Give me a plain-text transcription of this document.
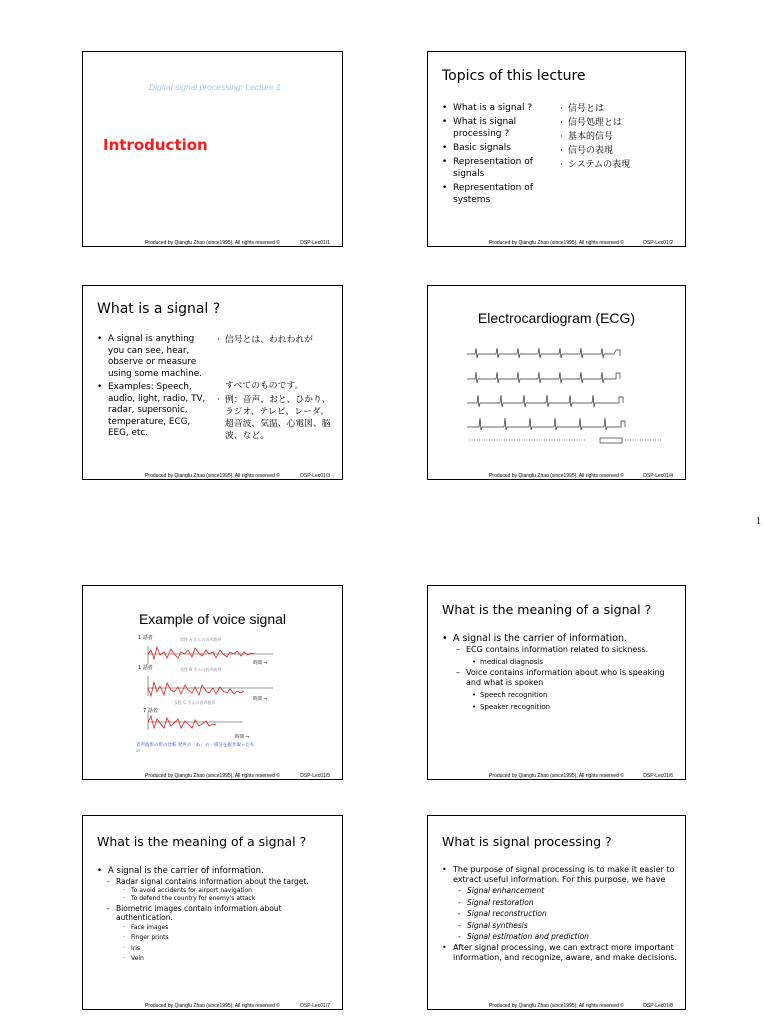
Digital signal processing: Lecture 1
Introduction
Produced by Qiangfu Zhao (since1995), All rights reserved ©	DSP-Lec01/1
Topics of this lecture
• What is a signal ?
• What is signal processing ?
• Basic signals
• Representation of signals
• Representation of systems
· 信号とは
· 信号処理とは
· 基本的信号
· 信号の表現
· システムの表現
Produced by Qiangfu Zhao (since1995), All rights reserved ©	DSP-Lec01/2
What is a signal ?
• A signal is anything you can see, hear, observe or measure using some machine.
• Examples: Speech, audio, light, radio, TV, radar, supersonic, temperature, ECG, EEG, etc.
· 信号とは、われわれが
すべてのものです。
· 例：音声、おと、ひかり、ラジオ、テレビ、レーダ、超音波、気温、心電図、脳波、など。
Produced by Qiangfu Zhao (since1995), All rights reserved ©	DSP-Lec01/3
Electrocardiogram (ECG)
Produced by Qiangfu Zhao (since1995), All rights reserved ©	DSP-Lec01/4
1
Example of voice signal
1 話者	男性 A さんの音声波形
時間 →
1 話者	男性 B さんの音声波形
時間 →
7 話者
女性 C さんの音声波形
時間 →
音声波形の形の比較 発声の「あ」の一部分を抜き取ったもの
Produced by Qiangfu Zhao (since1995), All rights reserved ©	DSP-Lec01/5
What is the meaning of a signal ?
• A signal is the carrier of information.
– ECG contains information related to sickness.
• medical diagnosis
– Voice contains information about who is speaking and what is spoken
• Speech recognition
• Speaker recognition
Produced by Qiangfu Zhao (since1995), All rights reserved ©	DSP-Lec01/6
What is the meaning of a signal ?
• A signal is the carrier of information.
- Radar signal contains information about the target.
· To avoid accidents for airport navigation
· To defend the country for enemy’s attack
- Biometric images contain information about authentication.
· Face images
· Finger prints
· Iris
· Vein
Produced by Qiangfu Zhao (since1995), All rights reserved ©	DSP-Lec01/7
What is signal processing ?
• The purpose of signal processing is to make it easier to extract useful information. For this purpose, we have
- Signal enhancement
- Signal restoration
- Signal reconstruction
- Signal synthesis
- Signal estimation and prediction
• After signal processing, we can extract more important information, and recognize, aware, and make decisions.
Produced by Qiangfu Zhao (since1995), All rights reserved ©	DSP-Lec01/8
